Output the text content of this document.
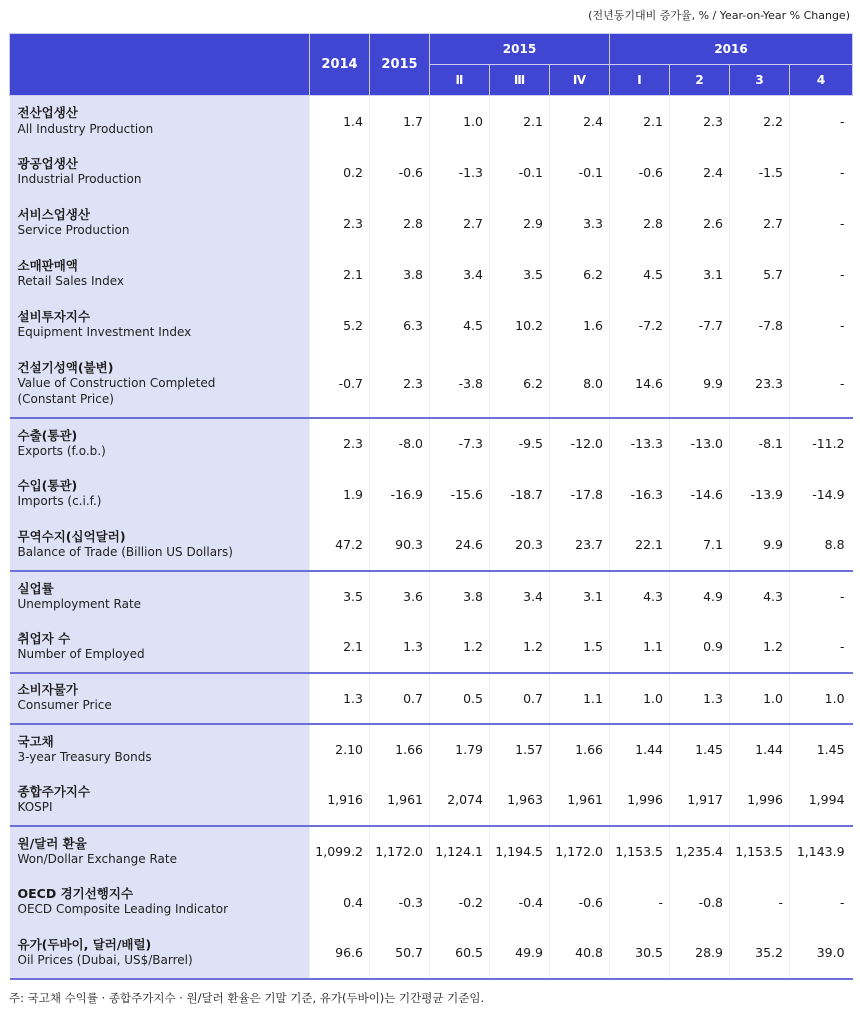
(전년동기대비 증가율, % / Year-on-Year % Change)
	2014	2015	2015			2016			
			Ⅱ	Ⅲ	Ⅳ	Ⅰ	2	3	4

전산업생산
All Industry Production	1.4	1.7	1.0	2.1	2.4	2.1	2.3	2.2	-

광공업생산
Industrial Production	0.2	-0.6	-1.3	-0.1	-0.1	-0.6	2.4	-1.5	-

서비스업생산
Service Production	2.3	2.8	2.7	2.9	3.3	2.8	2.6	2.7	-

소매판매액
Retail Sales Index	2.1	3.8	3.4	3.5	6.2	4.5	3.1	5.7	-

설비투자지수
Equipment Investment Index	5.2	6.3	4.5	10.2	1.6	-7.2	-7.7	-7.8	-

건설기성액(불변)
Value of Construction Completed
(Constant Price)	-0.7	2.3	-3.8	6.2	8.0	14.6	9.9	23.3	-

수출(통관)
Exports (f.o.b.)	2.3	-8.0	-7.3	-9.5	-12.0	-13.3	-13.0	-8.1	-11.2

수입(통관)
Imports (c.i.f.)	1.9	-16.9	-15.6	-18.7	-17.8	-16.3	-14.6	-13.9	-14.9

무역수지(십억달러)
Balance of Trade (Billion US Dollars)	47.2	90.3	24.6	20.3	23.7	22.1	7.1	9.9	8.8

실업률
Unemployment Rate	3.5	3.6	3.8	3.4	3.1	4.3	4.9	4.3	-

취업자 수
Number of Employed	2.1	1.3	1.2	1.2	1.5	1.1	0.9	1.2	-

소비자물가
Consumer Price	1.3	0.7	0.5	0.7	1.1	1.0	1.3	1.0	1.0

국고채
3-year Treasury Bonds	2.10	1.66	1.79	1.57	1.66	1.44	1.45	1.44	1.45

종합주가지수
KOSPI	1,916	1,961	2,074	1,963	1,961	1,996	1,917	1,996	1,994

원/달러 환율
Won/Dollar Exchange Rate	1,099.2	1,172.0	1,124.1	1,194.5	1,172.0	1,153.5	1,235.4	1,153.5	1,143.9

OECD 경기선행지수
OECD Composite Leading Indicator	0.4	-0.3	-0.2	-0.4	-0.6	-	-0.8	-	-

유가(두바이, 달러/배럴)
Oil Prices (Dubai, US$/Barrel)	96.6	50.7	60.5	49.9	40.8	30.5	28.9	35.2	39.0
주: 국고채 수익률 · 종합주가지수 · 원/달러 환율은 기말 기준, 유가(두바이)는 기간평균 기준임.
